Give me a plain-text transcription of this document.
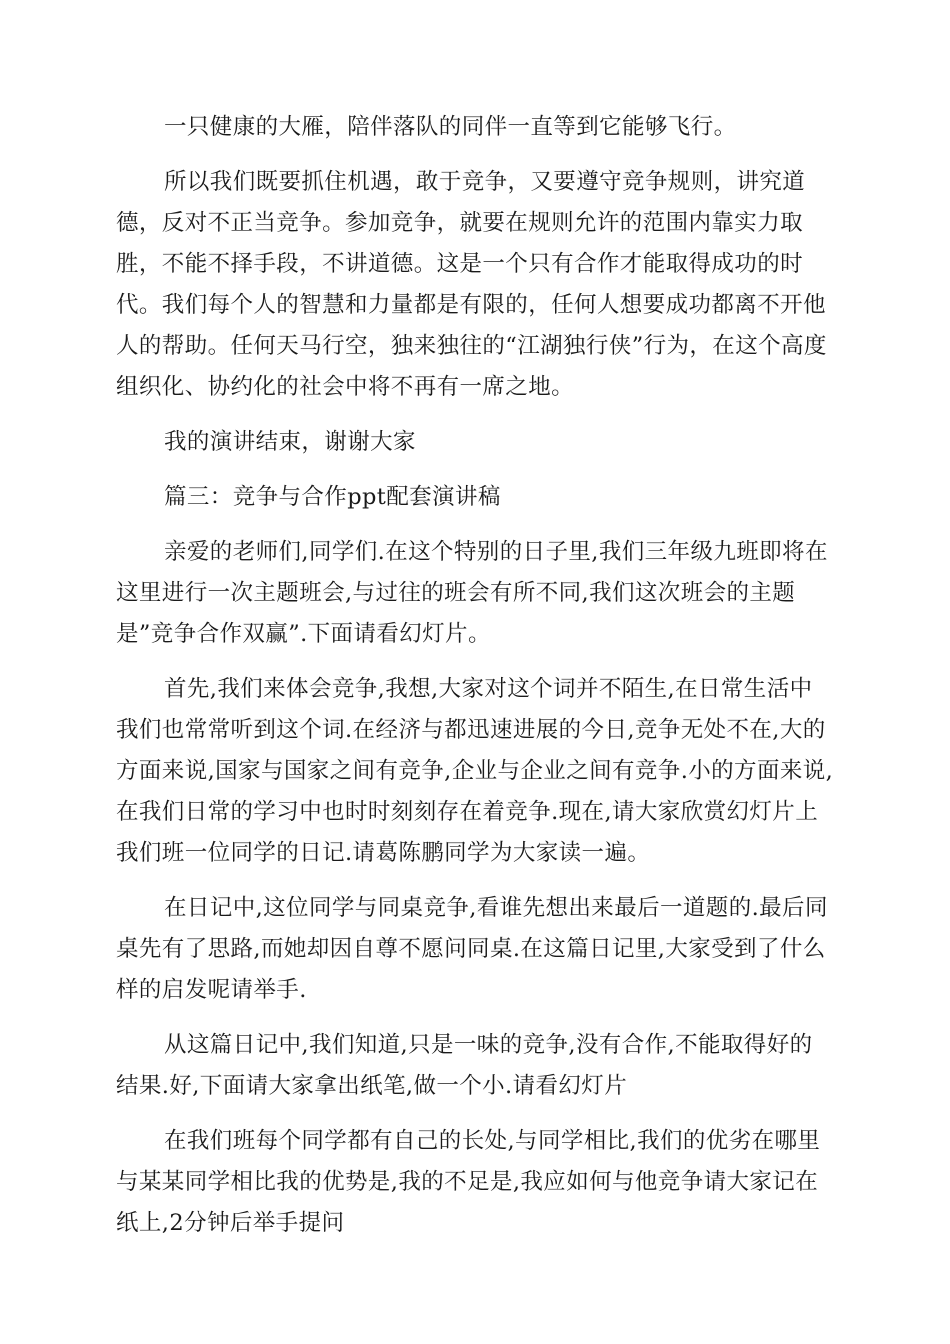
一只健康的大雁，陪伴落队的同伴一直等到它能够飞行。

所以我们既要抓住机遇，敢于竞争，又要遵守竞争规则，讲究道德，反对不正当竞争。参加竞争，就要在规则允许的范围内靠实力取胜，不能不择手段，不讲道德。这是一个只有合作才能取得成功的时代。我们每个人的智慧和力量都是有限的，任何人想要成功都离不开他人的帮助。任何天马行空，独来独往的“江湖独行侠”行为，在这个高度组织化、协约化的社会中将不再有一席之地。

我的演讲结束，谢谢大家

篇三：竞争与合作ppt配套演讲稿

亲爱的老师们,同学们.在这个特别的日子里,我们三年级九班即将在这里进行一次主题班会,与过往的班会有所不同,我们这次班会的主题是”竞争合作双赢”.下面请看幻灯片。

首先,我们来体会竞争,我想,大家对这个词并不陌生,在日常生活中我们也常常听到这个词.在经济与都迅速进展的今日,竞争无处不在,大的方面来说,国家与国家之间有竞争,企业与企业之间有竞争.小的方面来说,在我们日常的学习中也时时刻刻存在着竞争.现在,请大家欣赏幻灯片上我们班一位同学的日记.请葛陈鹏同学为大家读一遍。

在日记中,这位同学与同桌竞争,看谁先想出来最后一道题的.最后同桌先有了思路,而她却因自尊不愿问同桌.在这篇日记里,大家受到了什么样的启发呢请举手.

从这篇日记中,我们知道,只是一味的竞争,没有合作,不能取得好的结果.好,下面请大家拿出纸笔,做一个小.请看幻灯片

在我们班每个同学都有自己的长处,与同学相比,我们的优劣在哪里与某某同学相比我的优势是,我的不足是,我应如何与他竞争请大家记在纸上,2分钟后举手提问
